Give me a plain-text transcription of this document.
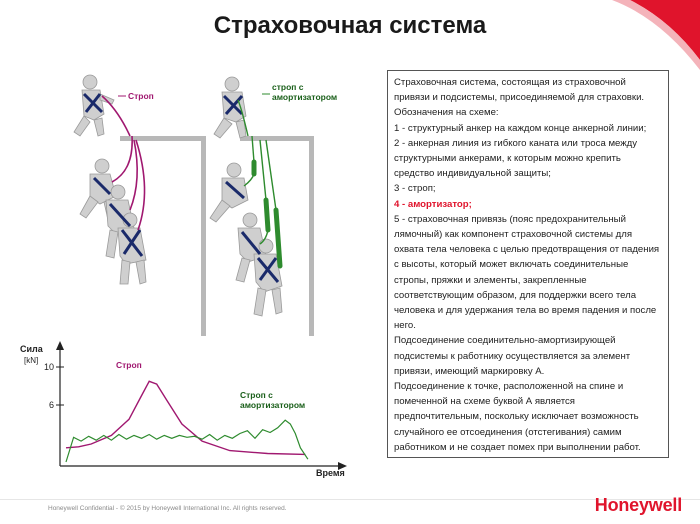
Страховочная система
Строп
строп с
амортизатором

Страховочная система, состоящая из страховочной привязи и подсистемы, присоединяемой для страховки.

Обозначения на схеме:

1 - структурный анкер на каждом конце анкерной линии;

2 - анкерная линия из гибкого каната или троса между структурными анкерами, к которым можно крепить средство индивидуальной защиты;

3 - строп;

4 - амортизатор;

5 - страховочная привязь (пояс предохранительный лямочный) как компонент страховочной системы для охвата тела человека с целью предотвращения от падения с высоты, который может включать соединительные стропы, пряжки и элементы, закрепленные соответствующим образом, для поддержки всего тела человека и для удержания тела во время падения и после него.

Подсоединение соединительно-амортизирующей подсистемы к работнику осуществляется за элемент привязи, имеющий маркировку А.

Подсоединение к точке, расположенной на спине и помеченной на схеме буквой А является предпочтительным, поскольку исключает возможность случайного ее отсоединения (отстегивания) самим работником и не создает помех при выполнении работ.

Сила
[kN]
10
6
Время
Строп
Строп с
амортизатором
Honeywell Confidential - © 2015 by Honeywell International Inc. All rights reserved.	Honeywell
